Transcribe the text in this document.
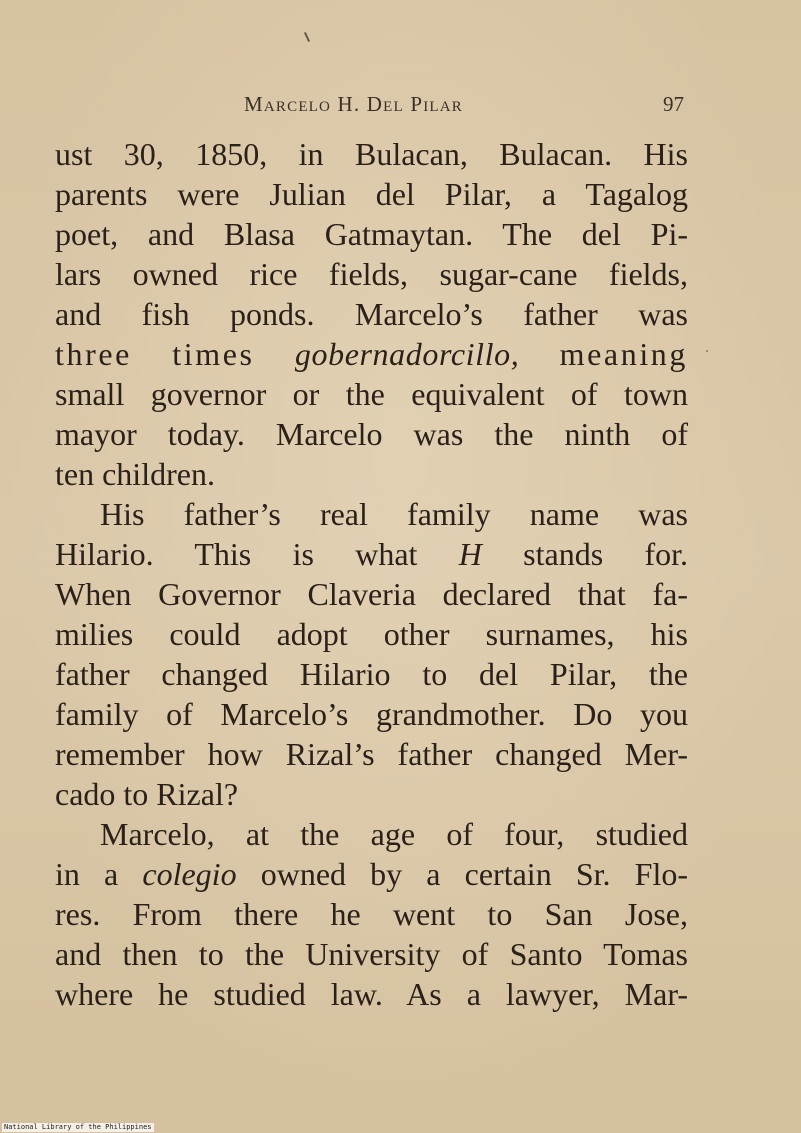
Marcelo H. Del Pilar	97
ust 30, 1850, in Bulacan, Bulacan. His
parents were Julian del Pilar, a Tagalog
poet, and Blasa Gatmaytan. The del Pi-
lars owned rice fields, sugar-cane fields,
and fish ponds. Marcelo’s father was
three times gobernadorcillo, meaning
small governor or the equivalent of town
mayor today. Marcelo was the ninth of
ten children.
His father’s real family name was
Hilario. This is what H stands for.
When Governor Claveria declared that fa-
milies could adopt other surnames, his
father changed Hilario to del Pilar, the
family of Marcelo’s grandmother. Do you
remember how Rizal’s father changed Mer-
cado to Rizal?
Marcelo, at the age of four, studied
in a colegio owned by a certain Sr. Flo-
res. From there he went to San Jose,
and then to the University of Santo Tomas
where he studied law. As a lawyer, Mar-
National Library of the Philippines
